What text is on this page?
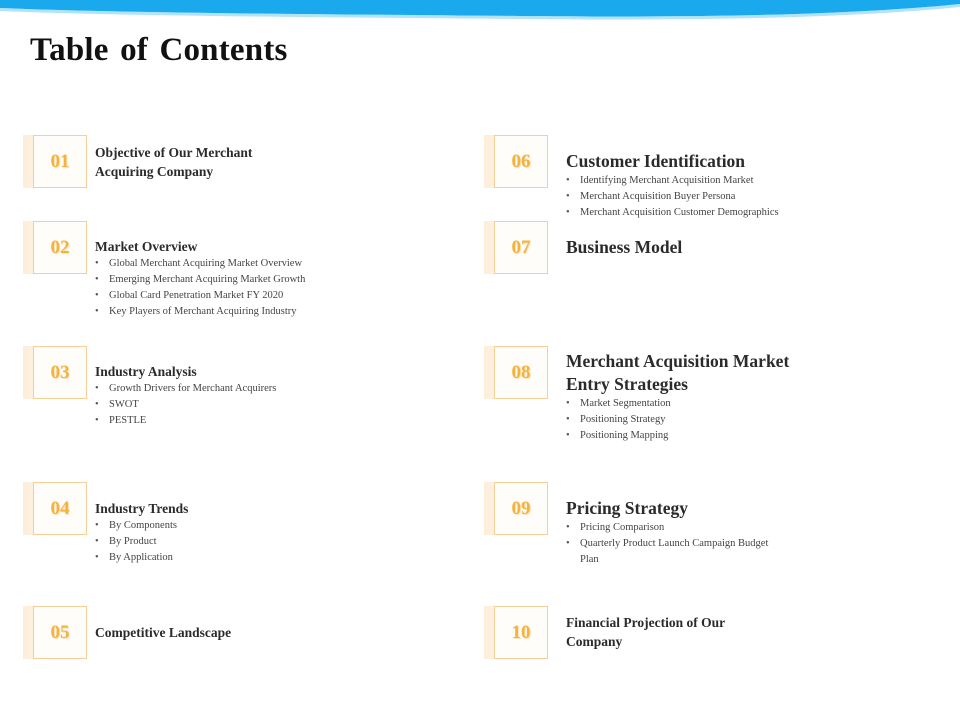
Table of Contents
01 Objective of Our Merchant Acquiring Company
02 Market Overview
• Global Merchant Acquiring Market Overview
• Emerging Merchant Acquiring Market Growth
• Global Card Penetration Market FY 2020
• Key Players of Merchant Acquiring Industry
03 Industry Analysis
• Growth Drivers for Merchant Acquirers
• SWOT
• PESTLE
04 Industry Trends
• By Components
• By Product
• By Application
05 Competitive Landscape
06 Customer Identification
• Identifying Merchant Acquisition Market
• Merchant Acquisition Buyer Persona
• Merchant Acquisition Customer Demographics
07 Business Model
08
Merchant Acquisition Market Entry Strategies
• Market Segmentation
• Positioning Strategy
• Positioning Mapping
09 Pricing Strategy
• Pricing Comparison
• Quarterly Product Launch Campaign Budget Plan
10	Financial Projection of Our Company
